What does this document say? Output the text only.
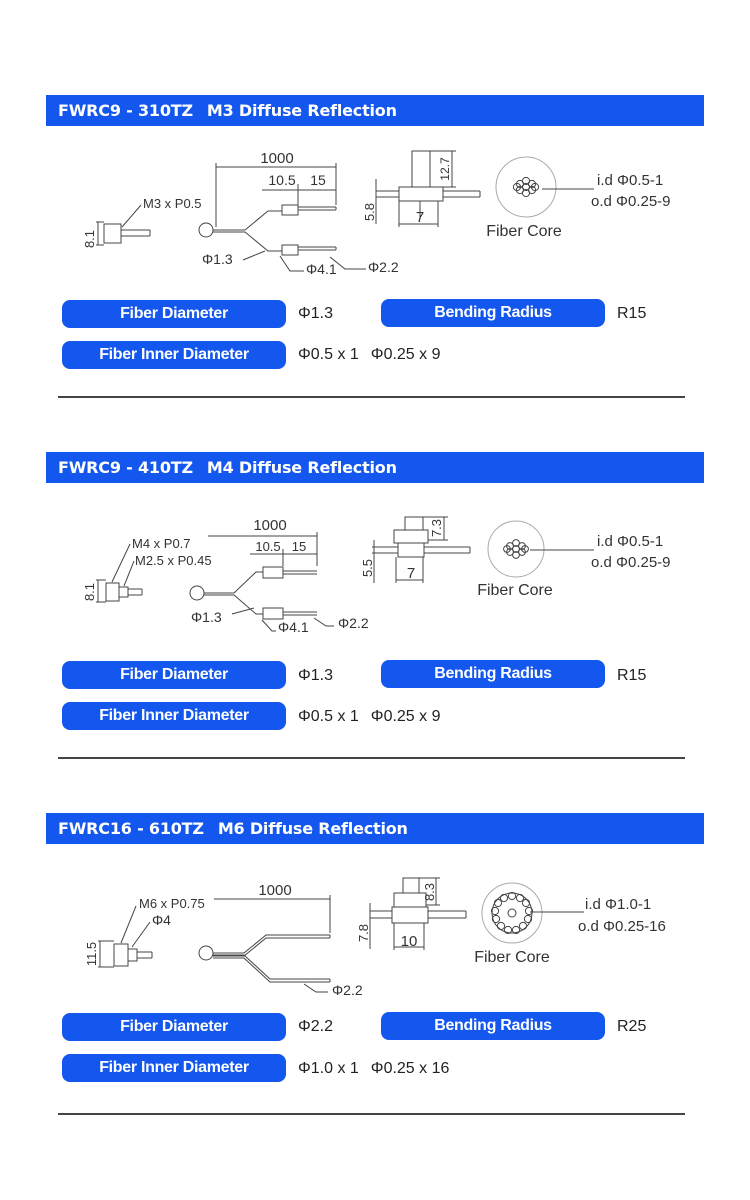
FWRC9 - 310TZ M3 Diffuse Reflection
8.1
M3 x P0.5
1000
10.5 15
Φ1.3
Φ4.1 Φ2.2
12.7
5.8	7
Fiber Core
i.d Φ0.5-1
o.d Φ0.25-9
Fiber Diameter	Φ1.3	Bending Radius	R15
Fiber Inner Diameter	Φ0.5 x 1 Φ0.25 x 9
FWRC9 - 410TZ M4 Diffuse Reflection
8.1
M4 x P0.7
M2.5 x P0.45
1000
10.5 15
Φ1.3
Φ4.1 Φ2.2
7.3
5.5 7
Fiber Core
i.d Φ0.5-1
o.d Φ0.25-9
Fiber Diameter	Φ1.3	Bending Radius	R15
Fiber Inner Diameter	Φ0.5 x 1 Φ0.25 x 9
FWRC16 - 610TZ M6 Diffuse Reflection
11.5
M6 x P0.75
Φ4
1000
Φ2.2
8.3
7.8 10
Fiber Core
i.d Φ1.0-1
o.d Φ0.25-16
Fiber Diameter	Φ2.2	Bending Radius	R25
Fiber Inner Diameter	Φ1.0 x 1 Φ0.25 x 16
